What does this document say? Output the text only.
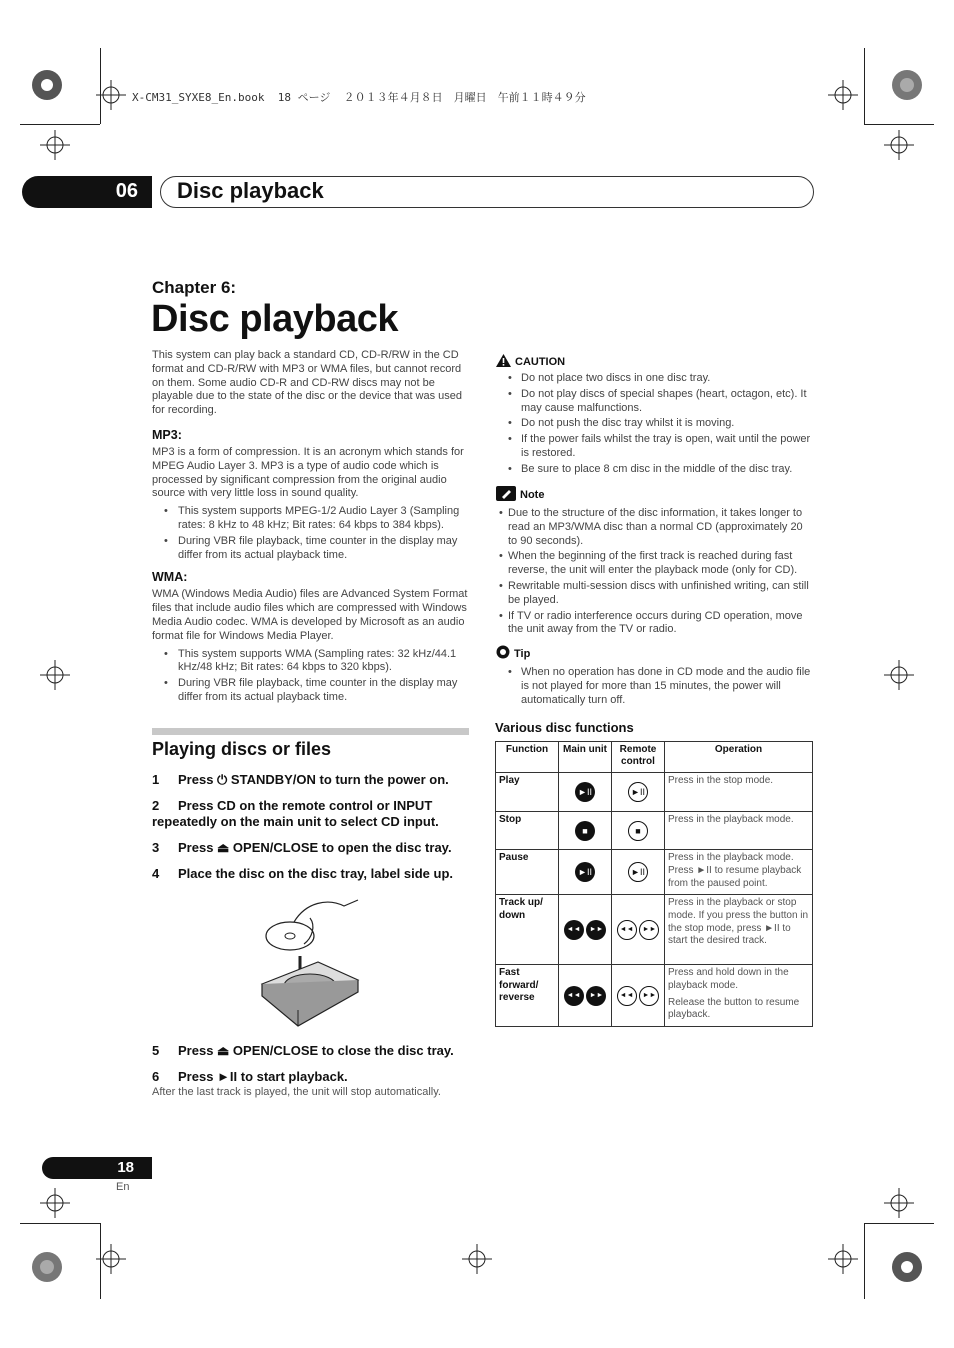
X-CM31_SYXE8_En.book  18 ページ  ２０１３年４月８日　月曜日　午前１１時４９分
06 Disc playback
Chapter 6:
Disc playback
This system can play back a standard CD, CD-R/RW in the CD format and CD-R/RW with MP3 or WMA files, but cannot record on them. Some audio CD-R and CD-RW discs may not be playable due to the state of the disc or the device that was used for recording.
MP3:
MP3 is a form of compression. It is an acronym which stands for MPEG Audio Layer 3. MP3 is a type of audio code which is processed by significant compression from the original audio source with very little loss in sound quality.
• This system supports MPEG-1/2 Audio Layer 3 (Sampling rates: 8 kHz to 48 kHz; Bit rates: 64 kbps to 384 kbps).
• During VBR file playback, time counter in the display may differ from its actual playback time.
WMA:
WMA (Windows Media Audio) files are Advanced System Format files that include audio files which are compressed with Windows Media Audio codec. WMA is developed by Microsoft as an audio format file for Windows Media Player.
• This system supports WMA (Sampling rates: 32 kHz/44.1 kHz/48 kHz; Bit rates: 64 kbps to 320 kbps).
• During VBR file playback, time counter in the display may differ from its actual playback time.
Playing discs or files
1 Press ⏻ STANDBY/ON to turn the power on.
2 Press CD on the remote control or INPUT repeatedly on the main unit to select CD input.
3 Press ⏏ OPEN/CLOSE to open the disc tray.
4 Place the disc on the disc tray, label side up.
5 Press ⏏ OPEN/CLOSE to close the disc tray.
6 Press ►II to start playback.
After the last track is played, the unit will stop automatically.
CAUTION
• Do not place two discs in one disc tray.
• Do not play discs of special shapes (heart, octagon, etc). It may cause malfunctions.
• Do not push the disc tray whilst it is moving.
• If the power fails whilst the tray is open, wait until the power is restored.
• Be sure to place 8 cm disc in the middle of the disc tray.
Note
• Due to the structure of the disc information, it takes longer to read an MP3/WMA disc than a normal CD (approximately 20 to 90 seconds).
• When the beginning of the first track is reached during fast reverse, the unit will enter the playback mode (only for CD).
• Rewritable multi-session discs with unfinished writing, can still be played.
• If TV or radio interference occurs during CD operation, move the unit away from the TV or radio.
Tip
• When no operation has done in CD mode and the audio file is not played for more than 15 minutes, the power will automatically turn off.
Various disc functions
Function	Main unit	Remote control	Operation
Play	►II	►II	Press in the stop mode.
Stop	■	■	Press in the playback mode.
Pause	►II	►II	Press in the playback mode. Press ►II to resume playback from the paused point.
Track up/ down	◄◄ ►►	◄◄ ►►	Press in the playback or stop mode. If you press the button in the stop mode, press ►II to start the desired track.
Fast forward/ reverse	◄◄ ►►	◄◄ ►►	Press and hold down in the playback mode.
Release the button to resume playback.
18
En
